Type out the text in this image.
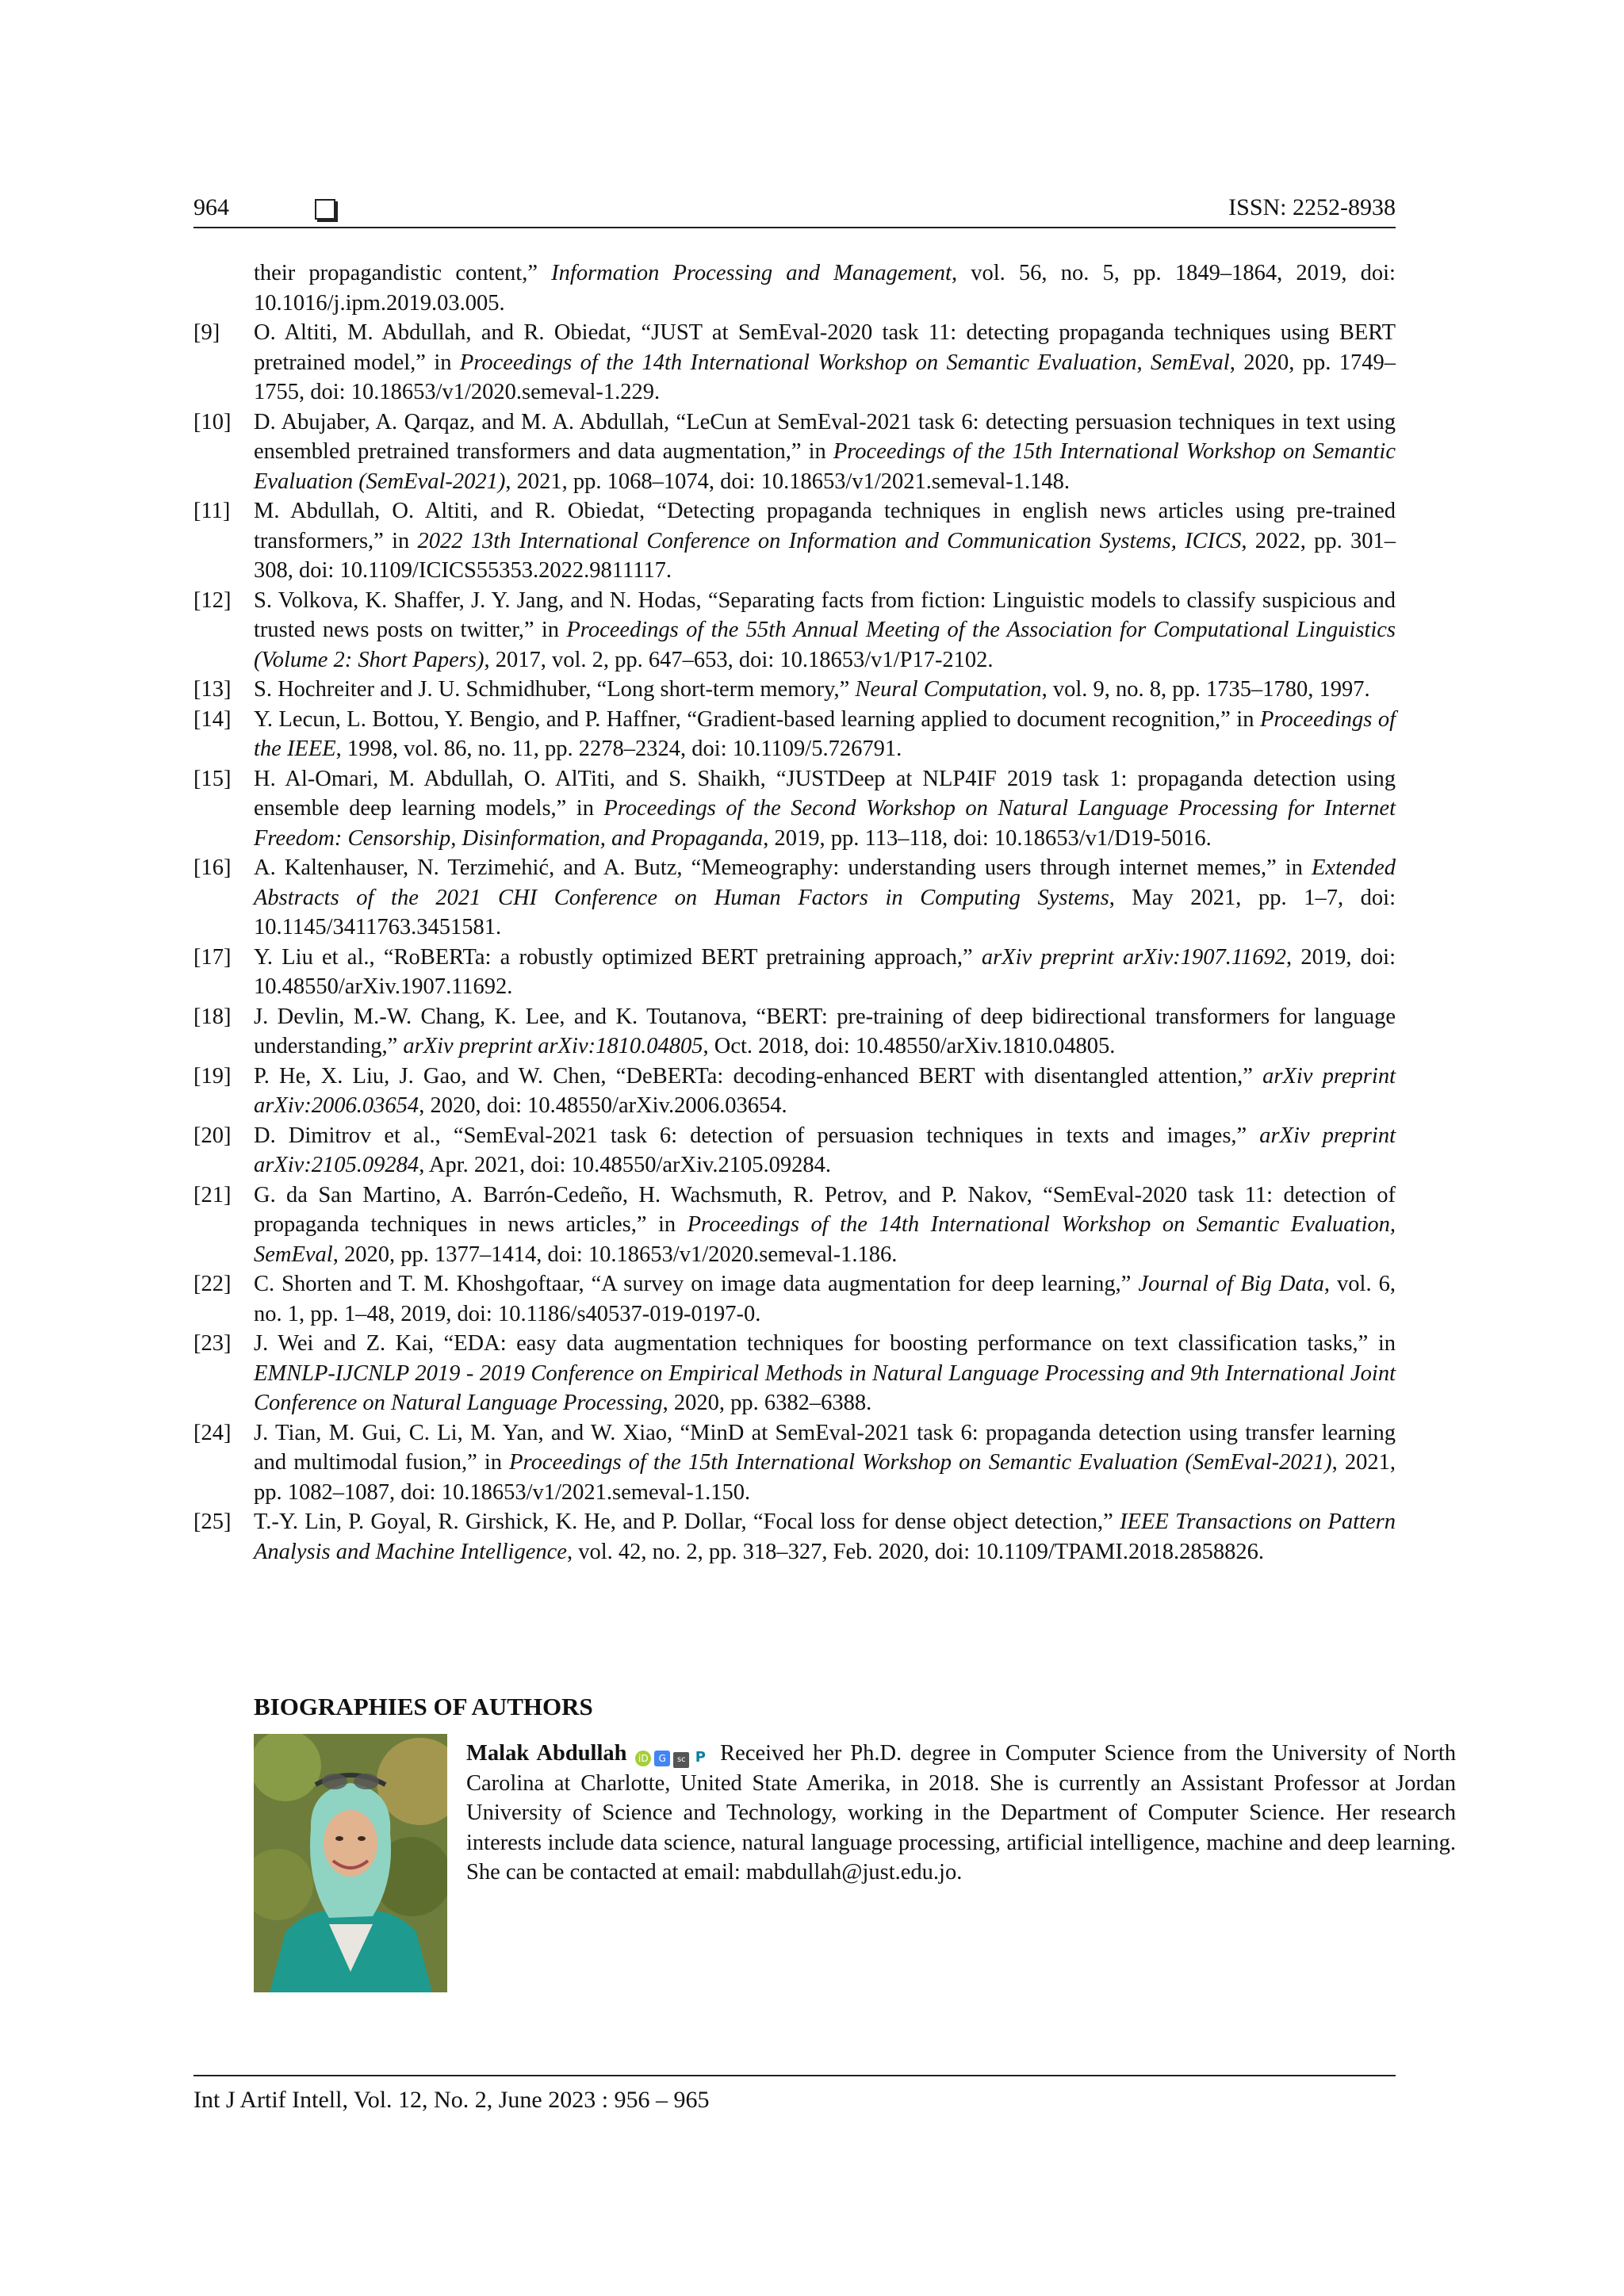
964	ISSN: 2252-8938
their propagandistic content,” Information Processing and Management, vol. 56, no. 5, pp. 1849–1864, 2019, doi: 10.1016/j.ipm.2019.03.005.
[9]	O. Altiti, M. Abdullah, and R. Obiedat, “JUST at SemEval-2020 task 11: detecting propaganda techniques using BERT pretrained model,” in Proceedings of the 14th International Workshop on Semantic Evaluation, SemEval, 2020, pp. 1749–1755, doi: 10.18653/v1/2020.semeval-1.229.
[10]	D. Abujaber, A. Qarqaz, and M. A. Abdullah, “LeCun at SemEval-2021 task 6: detecting persuasion techniques in text using ensembled pretrained transformers and data augmentation,” in Proceedings of the 15th International Workshop on Semantic Evaluation (SemEval-2021), 2021, pp. 1068–1074, doi: 10.18653/v1/2021.semeval-1.148.
[11]	M. Abdullah, O. Altiti, and R. Obiedat, “Detecting propaganda techniques in english news articles using pre-trained transformers,” in 2022 13th International Conference on Information and Communication Systems, ICICS, 2022, pp. 301–308, doi: 10.1109/ICICS55353.2022.9811117.
[12]	S. Volkova, K. Shaffer, J. Y. Jang, and N. Hodas, “Separating facts from fiction: Linguistic models to classify suspicious and trusted news posts on twitter,” in Proceedings of the 55th Annual Meeting of the Association for Computational Linguistics (Volume 2: Short Papers), 2017, vol. 2, pp. 647–653, doi: 10.18653/v1/P17-2102.
[13]	S. Hochreiter and J. U. Schmidhuber, “Long short-term memory,” Neural Computation, vol. 9, no. 8, pp. 1735–1780, 1997.
[14]	Y. Lecun, L. Bottou, Y. Bengio, and P. Haffner, “Gradient-based learning applied to document recognition,” in Proceedings of the IEEE, 1998, vol. 86, no. 11, pp. 2278–2324, doi: 10.1109/5.726791.
[15]	H. Al-Omari, M. Abdullah, O. AlTiti, and S. Shaikh, “JUSTDeep at NLP4IF 2019 task 1: propaganda detection using ensemble deep learning models,” in Proceedings of the Second Workshop on Natural Language Processing for Internet Freedom: Censorship, Disinformation, and Propaganda, 2019, pp. 113–118, doi: 10.18653/v1/D19-5016.
[16]	A. Kaltenhauser, N. Terzimehić, and A. Butz, “Memeography: understanding users through internet memes,” in Extended Abstracts of the 2021 CHI Conference on Human Factors in Computing Systems, May 2021, pp. 1–7, doi: 10.1145/3411763.3451581.
[17]	Y. Liu et al., “RoBERTa: a robustly optimized BERT pretraining approach,” arXiv preprint arXiv:1907.11692, 2019, doi: 10.48550/arXiv.1907.11692.
[18]	J. Devlin, M.-W. Chang, K. Lee, and K. Toutanova, “BERT: pre-training of deep bidirectional transformers for language understanding,” arXiv preprint arXiv:1810.04805, Oct. 2018, doi: 10.48550/arXiv.1810.04805.
[19]	P. He, X. Liu, J. Gao, and W. Chen, “DeBERTa: decoding-enhanced BERT with disentangled attention,” arXiv preprint arXiv:2006.03654, 2020, doi: 10.48550/arXiv.2006.03654.
[20]	D. Dimitrov et al., “SemEval-2021 task 6: detection of persuasion techniques in texts and images,” arXiv preprint arXiv:2105.09284, Apr. 2021, doi: 10.48550/arXiv.2105.09284.
[21]	G. da San Martino, A. Barrón-Cedeño, H. Wachsmuth, R. Petrov, and P. Nakov, “SemEval-2020 task 11: detection of propaganda techniques in news articles,” in Proceedings of the 14th International Workshop on Semantic Evaluation, SemEval, 2020, pp. 1377–1414, doi: 10.18653/v1/2020.semeval-1.186.
[22]	C. Shorten and T. M. Khoshgoftaar, “A survey on image data augmentation for deep learning,” Journal of Big Data, vol. 6, no. 1, pp. 1–48, 2019, doi: 10.1186/s40537-019-0197-0.
[23]	J. Wei and Z. Kai, “EDA: easy data augmentation techniques for boosting performance on text classification tasks,” in EMNLP-IJCNLP 2019 - 2019 Conference on Empirical Methods in Natural Language Processing and 9th International Joint Conference on Natural Language Processing, 2020, pp. 6382–6388.
[24]	J. Tian, M. Gui, C. Li, M. Yan, and W. Xiao, “MinD at SemEval-2021 task 6: propaganda detection using transfer learning and multimodal fusion,” in Proceedings of the 15th International Workshop on Semantic Evaluation (SemEval-2021), 2021, pp. 1082–1087, doi: 10.18653/v1/2021.semeval-1.150.
[25]	T.-Y. Lin, P. Goyal, R. Girshick, K. He, and P. Dollar, “Focal loss for dense object detection,” IEEE Transactions on Pattern Analysis and Machine Intelligence, vol. 42, no. 2, pp. 318–327, Feb. 2020, doi: 10.1109/TPAMI.2018.2858826.
BIOGRAPHIES OF AUTHORS
Malak Abdullah iD G sc P Received her Ph.D. degree in Computer Science from the University of North Carolina at Charlotte, United State Amerika, in 2018. She is currently an Assistant Professor at Jordan University of Science and Technology, working in the Department of Computer Science. Her research interests include data science, natural language processing, artificial intelligence, machine and deep learning. She can be contacted at email: mabdullah@just.edu.jo.
Int J Artif Intell, Vol. 12, No. 2, June 2023 : 956 – 965
